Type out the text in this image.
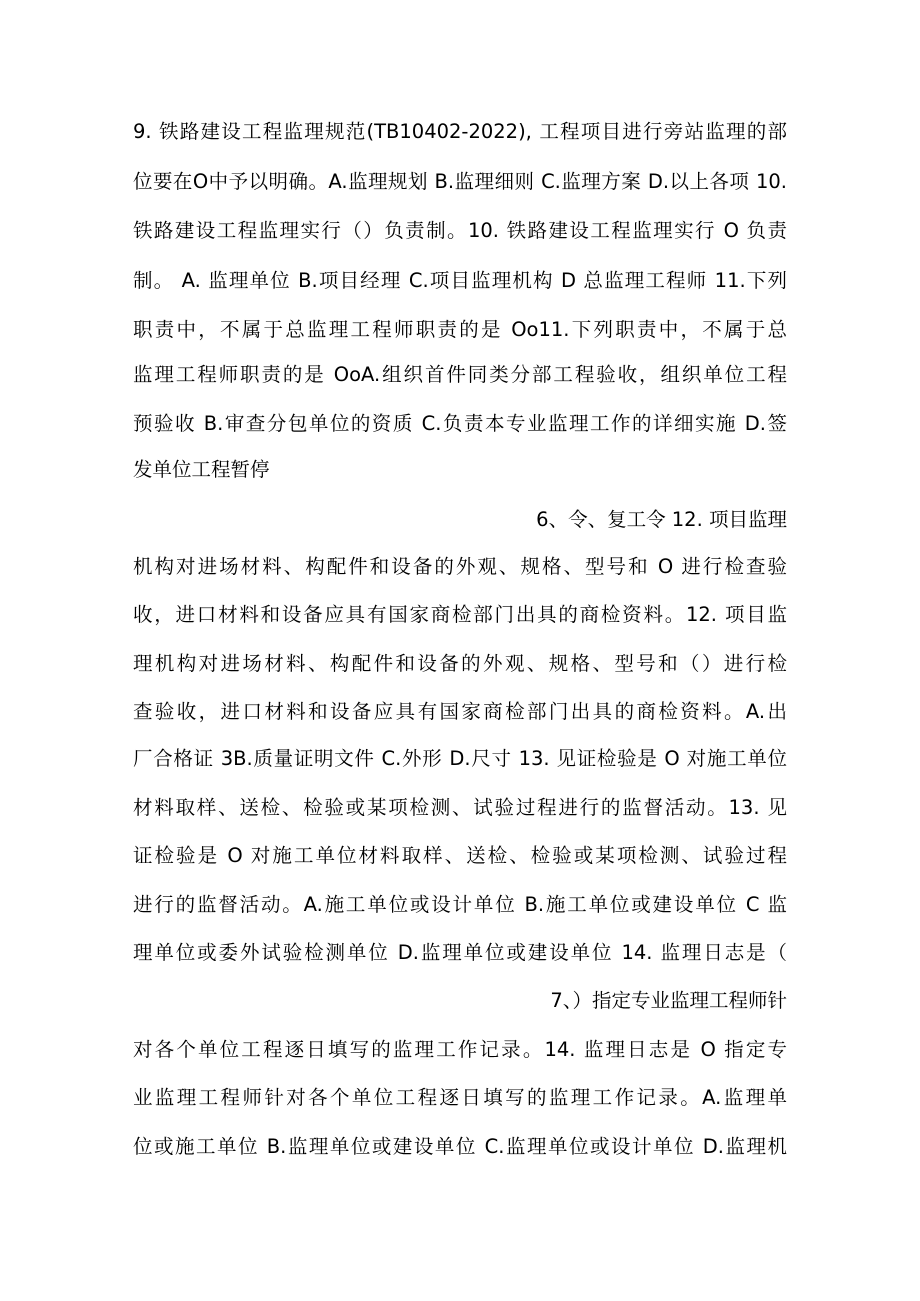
9. 铁路建设工程监理规范(TB10402-2022), 工程项目进行旁站监理的部
位要在O中予以明确。A.监理规划 B.监理细则 C.监理方案 D.以上各项 10.
铁路建设工程监理实行（）负责制。10. 铁路建设工程监理实行 O 负责
制。 A. 监理单位 B.项目经理 C.项目监理机构 D 总监理工程师 11.下列
职责中，不属于总监理工程师职责的是 Oo11.下列职责中，不属于总
监理工程师职责的是 OoA.组织首件同类分部工程验收，组织单位工程
预验收 B.审查分包单位的资质 C.负责本专业监理工作的详细实施 D.签
发单位工程暂停
6、令、复工令 12. 项目监理
机构对进场材料、构配件和设备的外观、规格、型号和 O 进行检查验
收，进口材料和设备应具有国家商检部门出具的商检资料。12. 项目监
理机构对进场材料、构配件和设备的外观、规格、型号和（）进行检
查验收，进口材料和设备应具有国家商检部门出具的商检资料。A.出
厂合格证 3B.质量证明文件 C.外形 D.尺寸 13. 见证检验是 O 对施工单位
材料取样、送检、检验或某项检测、试验过程进行的监督活动。13. 见
证检验是 O 对施工单位材料取样、送检、检验或某项检测、试验过程
进行的监督活动。A.施工单位或设计单位 B.施工单位或建设单位 C 监
理单位或委外试验检测单位 D.监理单位或建设单位 14. 监理日志是（
7、）指定专业监理工程师针
对各个单位工程逐日填写的监理工作记录。14. 监理日志是 O 指定专
业监理工程师针对各个单位工程逐日填写的监理工作记录。A.监理单
位或施工单位 B.监理单位或建设单位 C.监理单位或设计单位 D.监理机
